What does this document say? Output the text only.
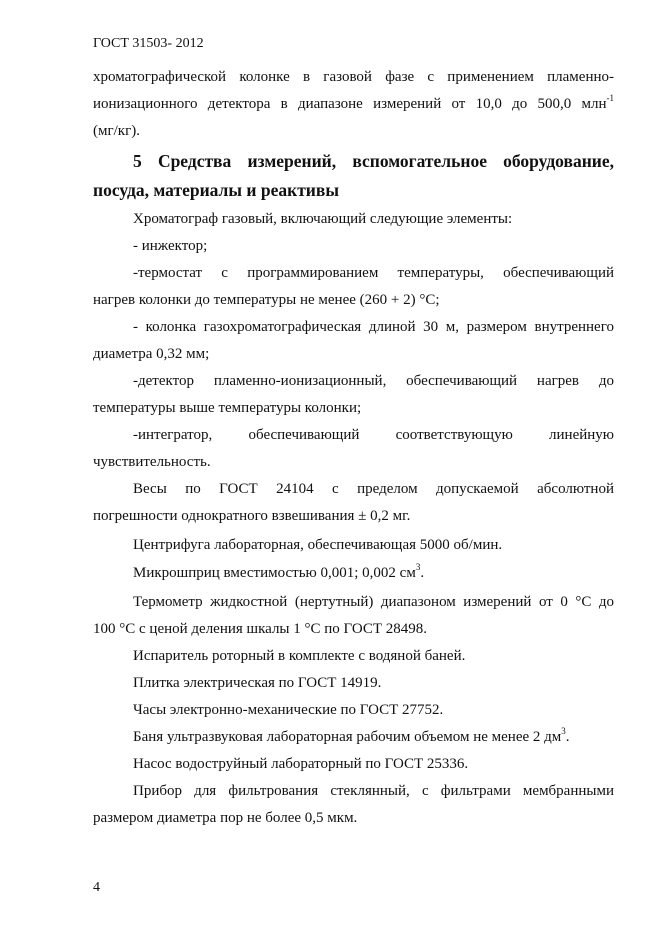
ГОСТ 31503- 2012
хроматографической колонке в газовой фазе с применением пламенно-
ионизационного детектора в диапазоне измерений от 10,0 до 500,0 млн$^{-1}$
(мг/кг).
5 Средства измерений, вспомогательное оборудование,
посуда, материалы и реактивы
Хроматограф газовый, включающий следующие элементы:
- инжектор;
-термостат с программированием температуры, обеспечивающий
нагрев колонки до температуры не менее (260 + 2) °С;
- колонка газохроматографическая длиной 30 м, размером внутреннего
диаметра 0,32 мм;
-детектор пламенно-ионизационный, обеспечивающий нагрев до
температуры выше температуры колонки;
-интегратор, обеспечивающий соответствующую линейную
чувствительность.
Весы по ГОСТ 24104 с пределом допускаемой абсолютной
погрешности однократного взвешивания ± 0,2 мг.
Центрифуга лабораторная, обеспечивающая 5000 об/мин.
Микрошприц вместимостью 0,001; 0,002 $см^3$.
Термометр жидкостной (нертутный) диапазоном измерений от 0 °С до
100 °С с ценой деления шкалы 1 °С по ГОСТ 28498.
Испаритель роторный в комплекте с водяной баней.
Плитка электрическая по ГОСТ 14919.
Часы электронно-механические по ГОСТ 27752.
Баня ультразвуковая лабораторная рабочим объемом не менее 2 $дм^3$.
Насос водоструйный лабораторный по ГОСТ 25336.
Прибор для фильтрования стеклянный, с фильтрами мембранными
размером диаметра пор не более 0,5 мкм.
4
